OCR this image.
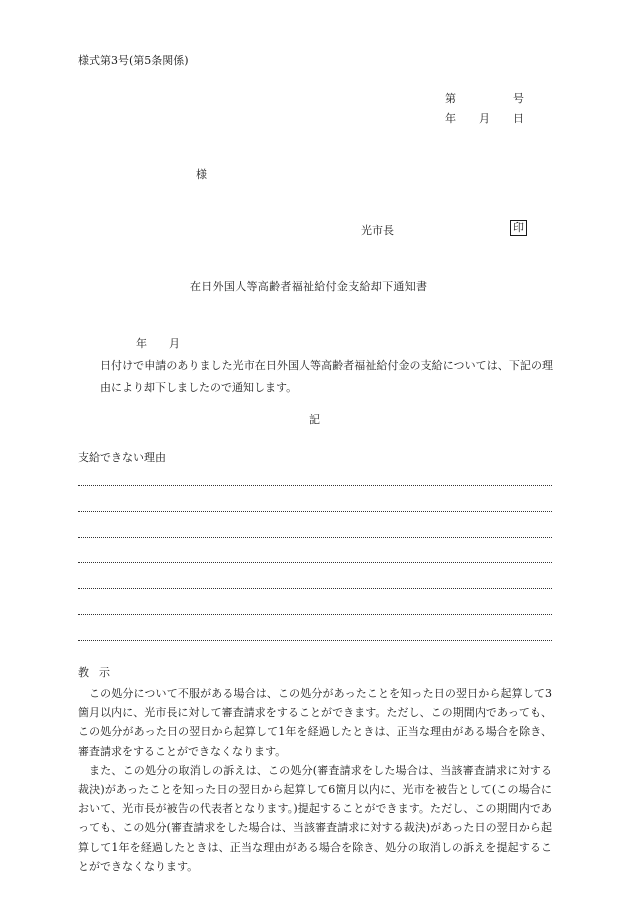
様式第3号(第5条関係)
第	号
年 月 日
様
光市長	印
在日外国人等高齢者福祉給付金支給却下通知書
年 月日付けで申請のありました光市在日外国人等高齢者福祉給付金の支給については、下記の理由により却下しましたので通知します。
記
支給できない理由
教示

この処分について不服がある場合は、この処分があったことを知った日の翌日から起算して3箇月以内に、光市長に対して審査請求をすることができます。ただし、この期間内であっても、この処分があった日の翌日から起算して1年を経過したときは、正当な理由がある場合を除き、審査請求をすることができなくなります。

また、この処分の取消しの訴えは、この処分(審査請求をした場合は、当該審査請求に対する裁決)があったことを知った日の翌日から起算して6箇月以内に、光市を被告として(この場合において、光市長が被告の代表者となります。)提起することができます。ただし、この期間内であっても、この処分(審査請求をした場合は、当該審査請求に対する裁決)があった日の翌日から起算して1年を経過したときは、正当な理由がある場合を除き、処分の取消しの訴えを提起することができなくなります。
